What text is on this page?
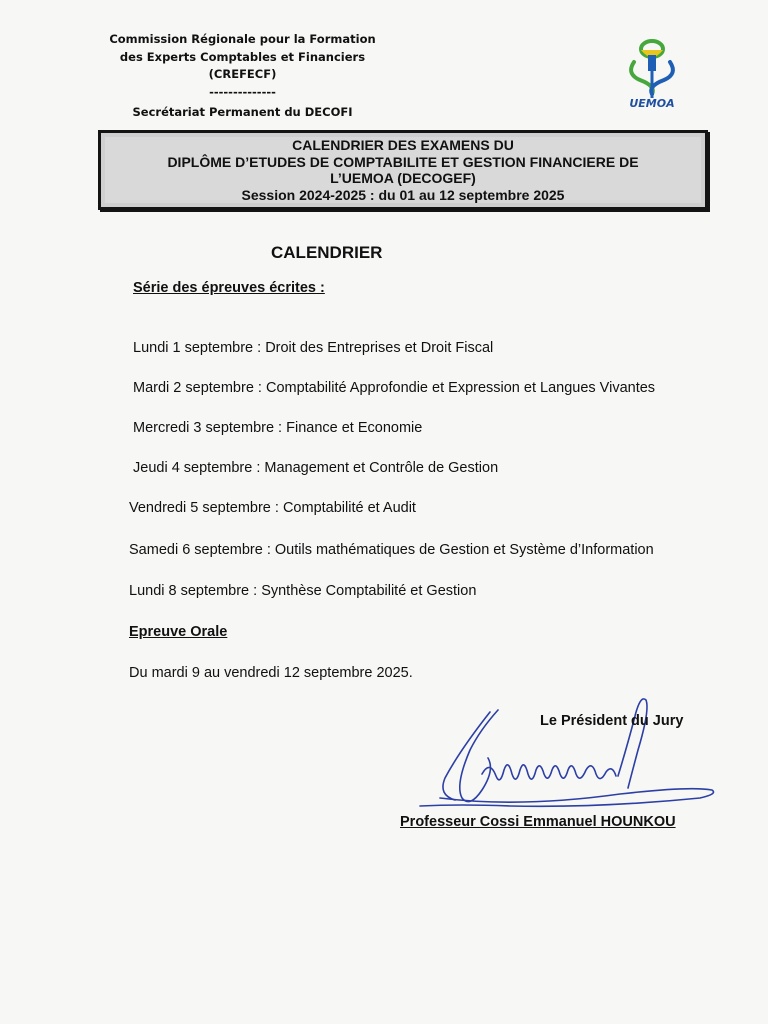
Commission Régionale pour la Formation
des Experts Comptables et Financiers
(CREFECF)
--------------
Secrétariat Permanent du DECOFI
UEMOA
CALENDRIER DES EXAMENS DU
DIPLÔME D’ETUDES DE COMPTABILITE ET GESTION FINANCIERE DE
L’UEMOA (DECOGEF)
Session 2024-2025 : du 01 au 12 septembre 2025
CALENDRIER
Série des épreuves écrites :
Lundi 1 septembre : Droit des Entreprises et Droit Fiscal
Mardi 2 septembre : Comptabilité Approfondie et Expression et Langues Vivantes
Mercredi 3 septembre : Finance et Economie
Jeudi 4 septembre : Management et Contrôle de Gestion
Vendredi 5 septembre : Comptabilité et Audit
Samedi 6 septembre : Outils mathématiques de Gestion et Système d’Information
Lundi 8 septembre : Synthèse Comptabilité et Gestion
Epreuve Orale
Du mardi 9 au vendredi 12 septembre 2025.
Le Président du Jury
Professeur Cossi Emmanuel HOUNKOU
